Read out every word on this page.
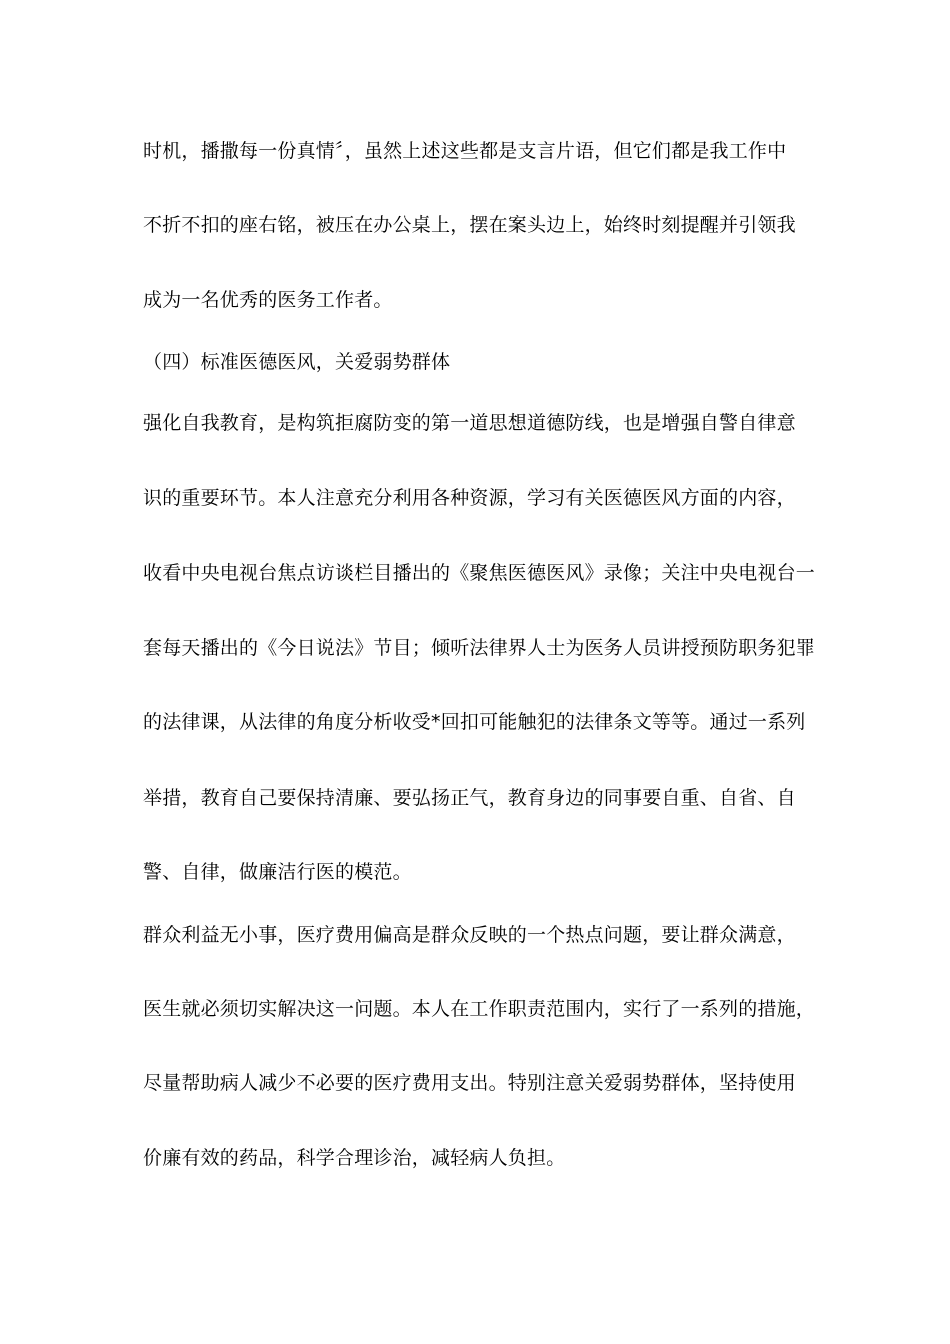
时机，播撒每一份真情〞，虽然上述这些都是支言片语，但它们都是我工作中
不折不扣的座右铭，被压在办公桌上，摆在案头边上，始终时刻提醒并引领我
成为一名优秀的医务工作者。
（四）标准医德医风，关爱弱势群体
强化自我教育，是构筑拒腐防变的第一道思想道德防线，也是增强自警自律意
识的重要环节。本人注意充分利用各种资源，学习有关医德医风方面的内容，
收看中央电视台焦点访谈栏目播出的《聚焦医德医风》录像；关注中央电视台一
套每天播出的《今日说法》节目；倾听法律界人士为医务人员讲授预防职务犯罪
的法律课，从法律的角度分析收受*回扣可能触犯的法律条文等等。通过一系列
举措，教育自己要保持清廉、要弘扬正气，教育身边的同事要自重、自省、自
警、自律，做廉洁行医的模范。
群众利益无小事，医疗费用偏高是群众反映的一个热点问题，要让群众满意，
医生就必须切实解决这一问题。本人在工作职责范围内，实行了一系列的措施，
尽量帮助病人减少不必要的医疗费用支出。特别注意关爱弱势群体，坚持使用
价廉有效的药品，科学合理诊治，减轻病人负担。
